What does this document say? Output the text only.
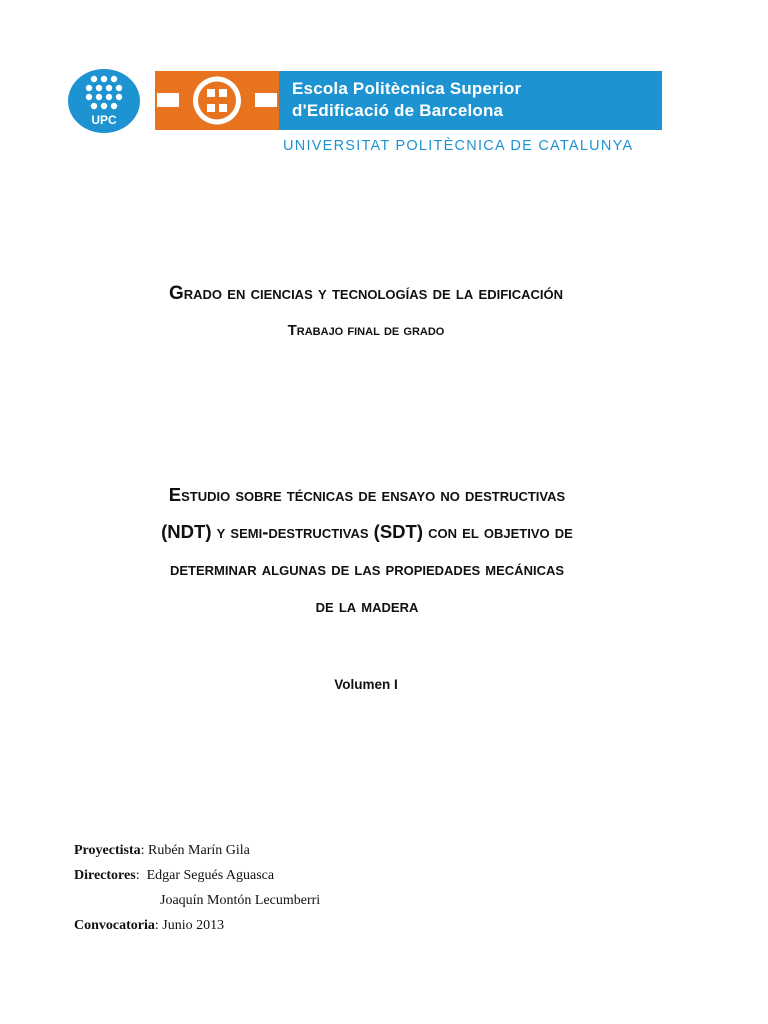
UPC
Escola Politècnica Superior
d'Edificació de Barcelona
UNIVERSITAT POLITÈCNICA DE CATALUNYA
Grado en ciencias y tecnologías de la edificación
Trabajo final de grado
Estudio sobre técnicas de ensayo no destructivas
(NDT) y semi-destructivas (SDT) con el objetivo de
determinar algunas de las propiedades mecánicas
de la madera
Volumen I
Proyectista: Rubén Marín Gila
Directores:  Edgar Segués Aguasca
Joaquín Montón Lecumberri
Convocatoria: Junio 2013
